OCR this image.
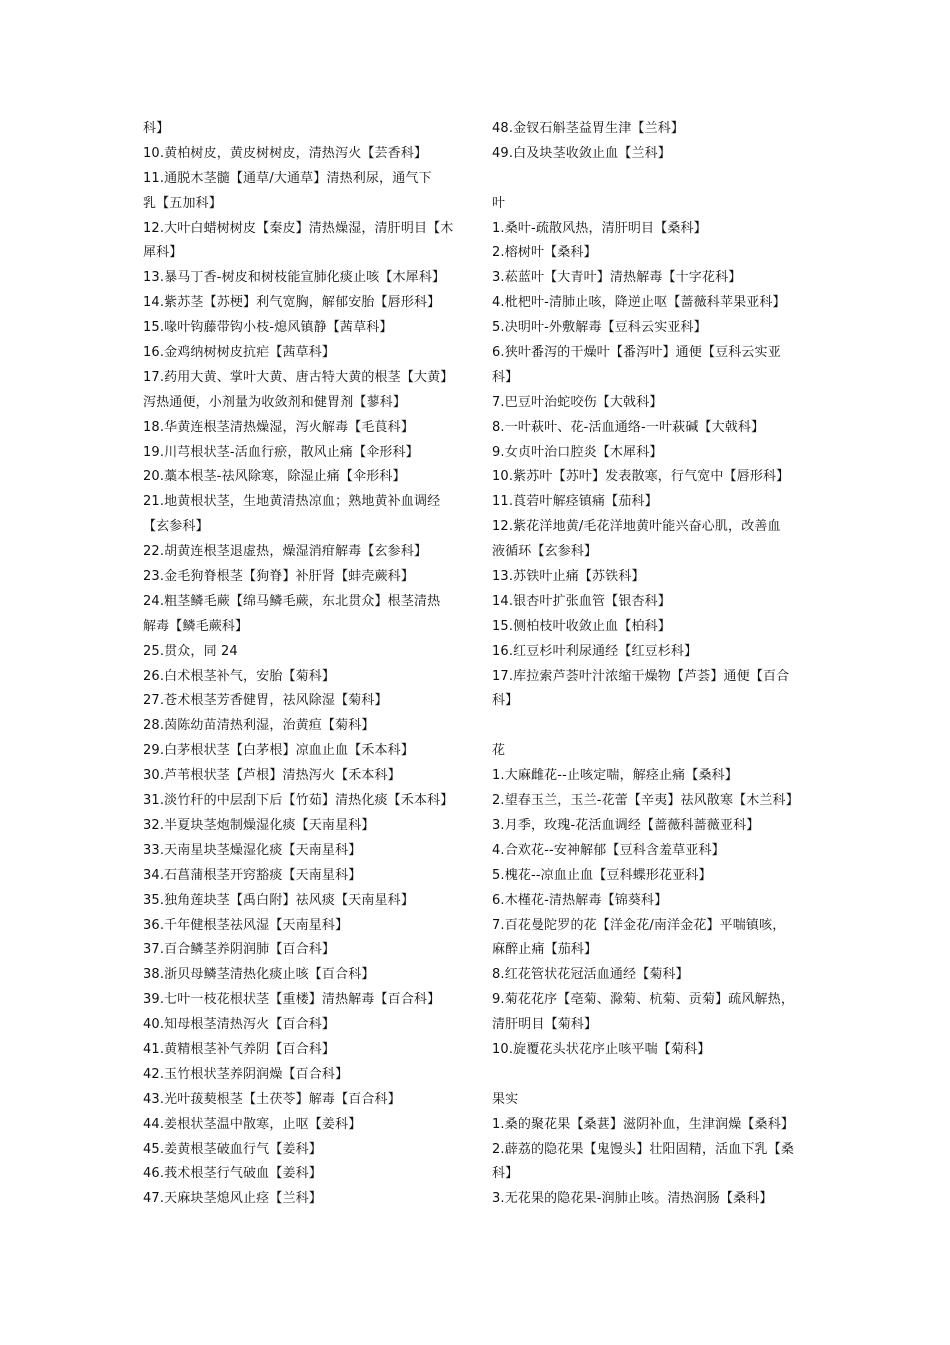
科】
10.黄柏树皮，黄皮树树皮，清热泻火【芸香科】
11.通脱木茎髓【通草/大通草】清热利尿，通气下
乳【五加科】
12.大叶白蜡树树皮【秦皮】清热燥湿，清肝明目【木
犀科】
13.暴马丁香-树皮和树枝能宣肺化痰止咳【木犀科】
14.紫苏茎【苏梗】利气宽胸，解郁安胎【唇形科】
15.喙叶钩藤带钩小枝-熄风镇静【茜草科】
16.金鸡纳树树皮抗疟【茜草科】
17.药用大黄、掌叶大黄、唐古特大黄的根茎【大黄】
泻热通便，小剂量为收敛剂和健胃剂【蓼科】
18.华黄连根茎清热燥湿，泻火解毒【毛茛科】
19.川芎根状茎-活血行瘀，散风止痛【伞形科】
20.藁本根茎-祛风除寒，除湿止痛【伞形科】
21.地黄根状茎，生地黄清热凉血；熟地黄补血调经
【玄参科】
22.胡黄连根茎退虚热，燥湿消疳解毒【玄参科】
23.金毛狗脊根茎【狗脊】补肝肾【蚌壳蕨科】
24.粗茎鳞毛蕨【绵马鳞毛蕨，东北贯众】根茎清热
解毒【鳞毛蕨科】
25.贯众，同 24
26.白术根茎补气，安胎【菊科】
27.苍术根茎芳香健胃，祛风除湿【菊科】
28.茵陈幼苗清热利湿，治黄疸【菊科】
29.白茅根状茎【白茅根】凉血止血【禾本科】
30.芦苇根状茎【芦根】清热泻火【禾本科】
31.淡竹秆的中层刮下后【竹茹】清热化痰【禾本科】
32.半夏块茎炮制燥湿化痰【天南星科】
33.天南星块茎燥湿化痰【天南星科】
34.石菖蒲根茎开窍豁痰【天南星科】
35.独角莲块茎【禹白附】祛风痰【天南星科】
36.千年健根茎祛风湿【天南星科】
37.百合鳞茎养阴润肺【百合科】
38.浙贝母鳞茎清热化痰止咳【百合科】
39.七叶一枝花根状茎【重楼】清热解毒【百合科】
40.知母根茎清热泻火【百合科】
41.黄精根茎补气养阴【百合科】
42.玉竹根状茎养阴润燥【百合科】
43.光叶菝葜根茎【土茯苓】解毒【百合科】
44.姜根状茎温中散寒，止呕【姜科】
45.姜黄根茎破血行气【姜科】
46.莪术根茎行气破血【姜科】
47.天麻块茎熄风止痉【兰科】
48.金钗石斛茎益胃生津【兰科】
49.白及块茎收敛止血【兰科】
叶
1.桑叶-疏散风热，清肝明目【桑科】
2.榕树叶【桑科】
3.菘蓝叶【大青叶】清热解毒【十字花科】
4.枇杷叶-清肺止咳，降逆止呕【蔷薇科苹果亚科】
5.决明叶-外敷解毒【豆科云实亚科】
6.狭叶番泻的干燥叶【番泻叶】通便【豆科云实亚
科】
7.巴豆叶治蛇咬伤【大戟科】
8.一叶萩叶、花-活血通络-一叶萩碱【大戟科】
9.女贞叶治口腔炎【木犀科】
10.紫苏叶【苏叶】发表散寒，行气宽中【唇形科】
11.莨菪叶解痉镇痛【茄科】
12.紫花洋地黄/毛花洋地黄叶能兴奋心肌，改善血
液循环【玄参科】
13.苏铁叶止痛【苏铁科】
14.银杏叶扩张血管【银杏科】
15.侧柏枝叶收敛止血【柏科】
16.红豆杉叶利尿通经【红豆杉科】
17.库拉索芦荟叶汁浓缩干燥物【芦荟】通便【百合
科】
花
1.大麻雌花--止咳定喘，解痉止痛【桑科】
2.望春玉兰，玉兰-花蕾【辛夷】祛风散寒【木兰科】
3.月季，玫瑰-花活血调经【蔷薇科蔷薇亚科】
4.合欢花--安神解郁【豆科含羞草亚科】
5.槐花--凉血止血【豆科蝶形花亚科】
6.木槿花-清热解毒【锦葵科】
7.百花曼陀罗的花【洋金花/南洋金花】平喘镇咳，
麻醉止痛【茄科】
8.红花管状花冠活血通经【菊科】
9.菊花花序【亳菊、滁菊、杭菊、贡菊】疏风解热，
清肝明目【菊科】
10.旋覆花头状花序止咳平喘【菊科】
果实
1.桑的聚花果【桑葚】滋阴补血，生津润燥【桑科】
2.薜荔的隐花果【鬼馒头】壮阳固精，活血下乳【桑
科】
3.无花果的隐花果-润肺止咳。清热润肠【桑科】
